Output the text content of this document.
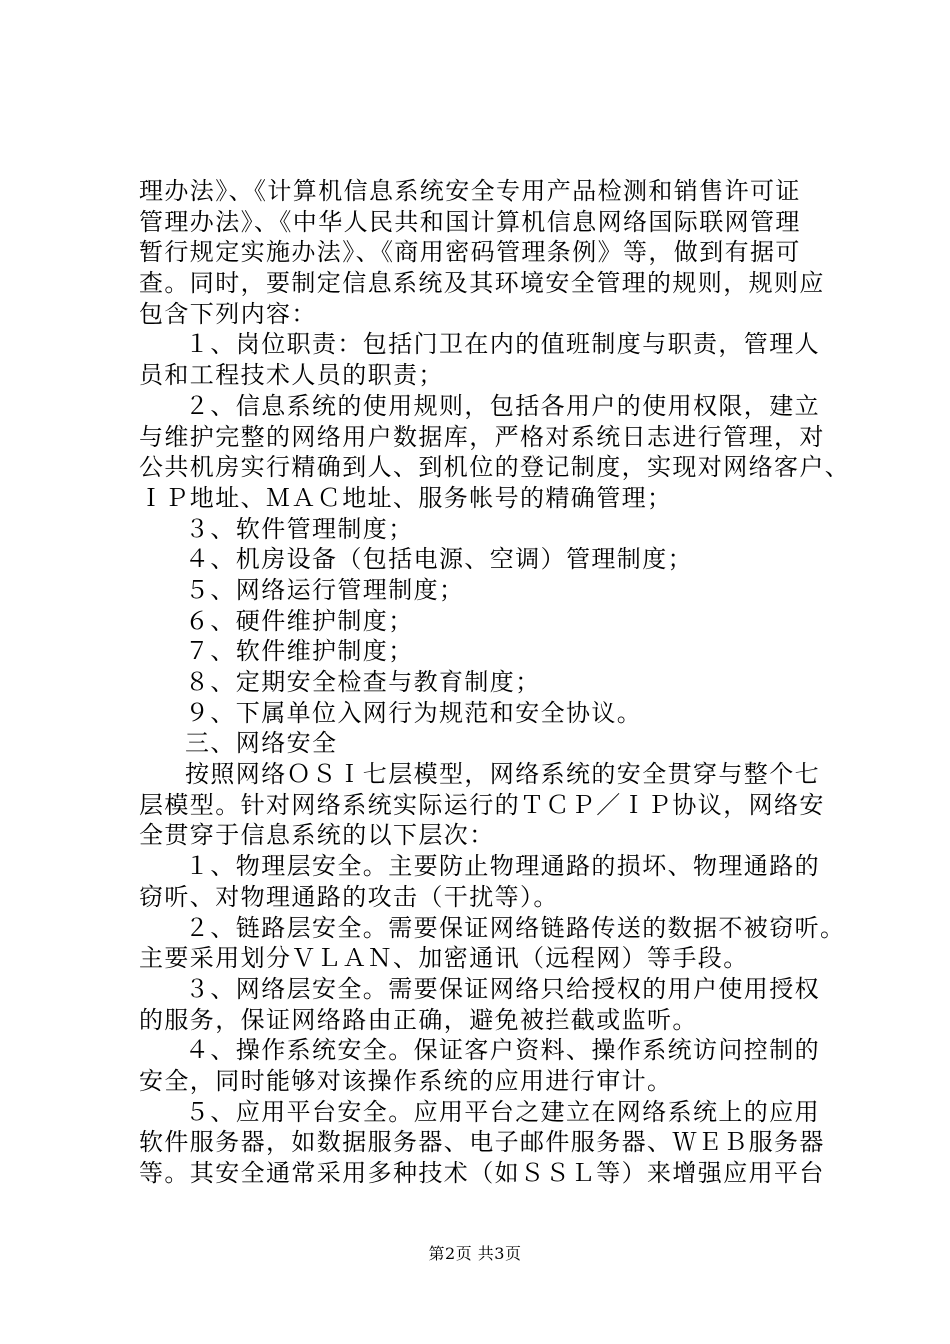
理办法》、《计算机信息系统安全专用产品检测和销售许可证
管理办法》、《中华人民共和国计算机信息网络国际联网管理
暂行规定实施办法》、《商用密码管理条例》等，做到有据可
查。同时，要制定信息系统及其环境安全管理的规则，规则应
包含下列内容：
１、岗位职责：包括门卫在内的值班制度与职责，管理人
员和工程技术人员的职责；
２、信息系统的使用规则，包括各用户的使用权限，建立
与维护完整的网络用户数据库，严格对系统日志进行管理，对
公共机房实行精确到人、到机位的登记制度，实现对网络客户、
ＩＰ地址、ＭＡＣ地址、服务帐号的精确管理；
３、软件管理制度；
４、机房设备（包括电源、空调）管理制度；
５、网络运行管理制度；
６、硬件维护制度；
７、软件维护制度；
８、定期安全检查与教育制度；
９、下属单位入网行为规范和安全协议。
三、网络安全
按照网络ＯＳＩ七层模型，网络系统的安全贯穿与整个七
层模型。针对网络系统实际运行的ＴＣＰ／ＩＰ协议，网络安
全贯穿于信息系统的以下层次：
１、物理层安全。主要防止物理通路的损坏、物理通路的
窃听、对物理通路的攻击（干扰等）。
２、链路层安全。需要保证网络链路传送的数据不被窃听。
主要采用划分ＶＬＡＮ、加密通讯（远程网）等手段。
３、网络层安全。需要保证网络只给授权的用户使用授权
的服务，保证网络路由正确，避免被拦截或监听。
４、操作系统安全。保证客户资料、操作系统访问控制的
安全，同时能够对该操作系统的应用进行审计。
５、应用平台安全。应用平台之建立在网络系统上的应用
软件服务器，如数据服务器、电子邮件服务器、ＷＥＢ服务器
等。其安全通常采用多种技术（如ＳＳＬ等）来增强应用平台
第2页 共3页
